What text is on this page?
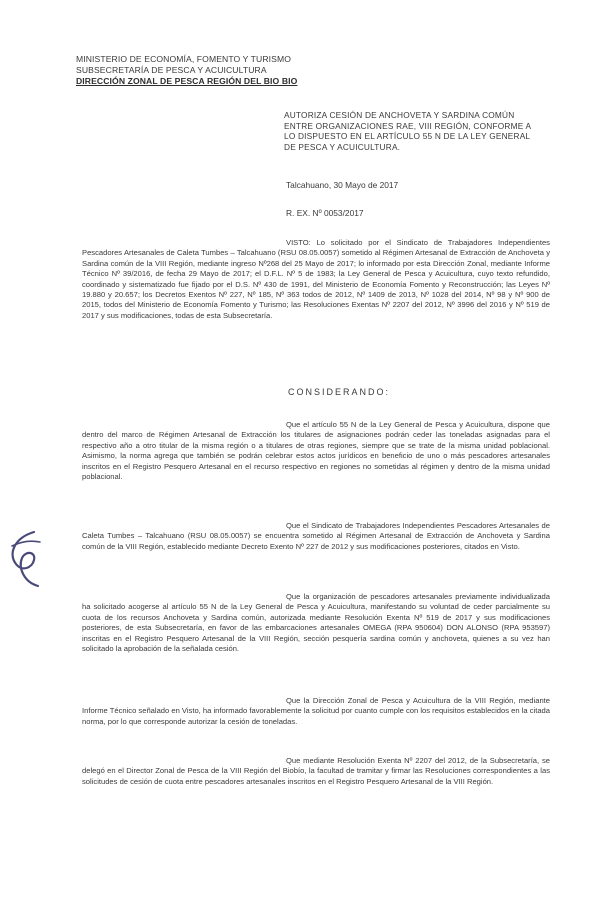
MINISTERIO DE ECONOMÍA, FOMENTO Y TURISMO
SUBSECRETARÍA DE PESCA Y ACUICULTURA
DIRECCIÓN ZONAL DE PESCA REGIÓN DEL BIO BIO
AUTORIZA CESIÓN DE ANCHOVETA Y SARDINA COMÚN
ENTRE ORGANIZACIONES RAE, VIII REGIÓN, CONFORME A
LO DISPUESTO EN EL ARTÍCULO 55 N DE LA LEY GENERAL
DE PESCA Y ACUICULTURA.
Talcahuano, 30 Mayo de 2017
R. EX. Nº 0053/2017
VISTO: Lo solicitado por el Sindicato de Trabajadores Independientes Pescadores Artesanales de Caleta Tumbes – Talcahuano (RSU 08.05.0057) sometido al Régimen Artesanal de Extracción de Anchoveta y Sardina común de la VIII Región, mediante ingreso Nº268 del 25 Mayo de 2017; lo informado por esta Dirección Zonal, mediante Informe Técnico Nº 39/2016, de fecha 29 Mayo de 2017; el D.F.L. Nº 5 de 1983; la Ley General de Pesca y Acuicultura, cuyo texto refundido, coordinado y sistematizado fue fijado por el D.S. Nº 430 de 1991, del Ministerio de Economía Fomento y Reconstrucción; las Leyes Nº 19.880 y 20.657; los Decretos Exentos Nº 227, Nº 185, Nº 363 todos de 2012, Nº 1409 de 2013, Nº 1028 del 2014, Nº 98 y Nº 900 de 2015, todos del Ministerio de Economía Fomento y Turismo; las Resoluciones Exentas Nº 2207 del 2012, Nº 3996 del 2016 y Nº 519 de 2017 y sus modificaciones, todas de esta Subsecretaría.
CONSIDERANDO:
Que el artículo 55 N de la Ley General de Pesca y Acuicultura, dispone que dentro del marco de Régimen Artesanal de Extracción los titulares de asignaciones podrán ceder las toneladas asignadas para el respectivo año a otro titular de la misma región o a titulares de otras regiones, siempre que se trate de la misma unidad poblacional. Asimismo, la norma agrega que también se podrán celebrar estos actos jurídicos en beneficio de uno o más pescadores artesanales inscritos en el Registro Pesquero Artesanal en el recurso respectivo en regiones no sometidas al régimen y dentro de la misma unidad poblacional.
Que el Sindicato de Trabajadores Independientes Pescadores Artesanales de Caleta Tumbes – Talcahuano (RSU 08.05.0057) se encuentra sometido al Régimen Artesanal de Extracción de Anchoveta y Sardina común de la VIII Región, establecido mediante Decreto Exento Nº 227 de 2012 y sus modificaciones posteriores, citados en Visto.
Que la organización de pescadores artesanales previamente individualizada ha solicitado acogerse al artículo 55 N de la Ley General de Pesca y Acuicultura, manifestando su voluntad de ceder parcialmente su cuota de los recursos Anchoveta y Sardina común, autorizada mediante Resolución Exenta Nº 519 de 2017 y sus modificaciones posteriores, de esta Subsecretaría, en favor de las embarcaciones artesanales OMEGA (RPA 950604) DON ALONSO (RPA 953597) inscritas en el Registro Pesquero Artesanal de la VIII Región, sección pesquería sardina común y anchoveta, quienes a su vez han solicitado la aprobación de la señalada cesión.
Que la Dirección Zonal de Pesca y Acuicultura de la VIII Región, mediante Informe Técnico señalado en Visto, ha informado favorablemente la solicitud por cuanto cumple con los requisitos establecidos en la citada norma, por lo que corresponde autorizar la cesión de toneladas.
Que mediante Resolución Exenta Nº 2207 del 2012, de la Subsecretaría, se delegó en el Director Zonal de Pesca de la VIII Región del Biobío, la facultad de tramitar y firmar las Resoluciones correspondientes a las solicitudes de cesión de cuota entre pescadores artesanales inscritos en el Registro Pesquero Artesanal de la VIII Región.
